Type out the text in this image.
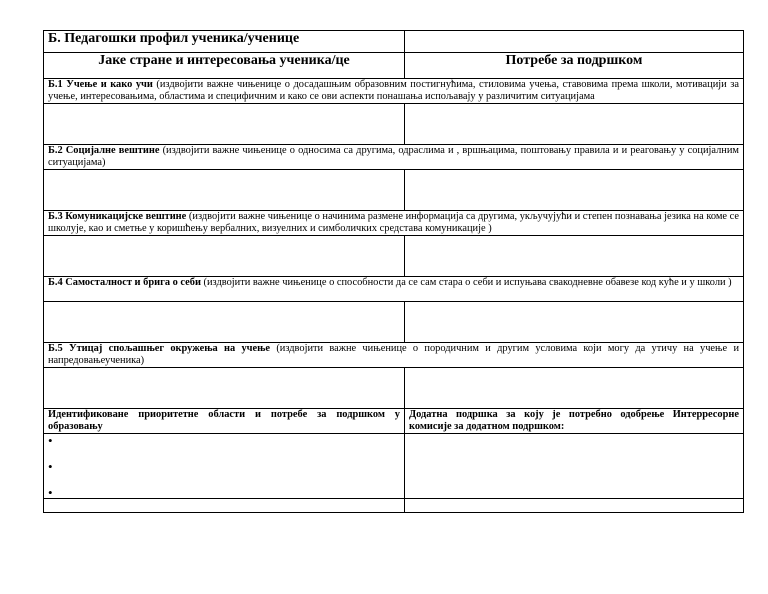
Б. Педагошки профил ученика/ученице	
Јаке стране и интересовања ученика/це	Потребе за подршком
Б.1 Учење и како учи (издвојити важне чињенице о досадашњим образовним постигнућима, стиловима учења, ставовима према школи, мотивацији за учење, интересовањима, областима и специфичним и како се ови аспекти понашања испољавају у различитим ситуацијама	

Б.2 Социјалне вештине (издвојити важне чињенице о односима са другима, одраслима и , вршњацима, поштовању правила и и реаговању у социјалним ситуацијама)	

Б.3 Комуникацијске вештине (издвојити важне чињенице о начинима размене информација са другима, укључујући и степен познавања језика на коме се школује, као и сметње у коришћењу вербалних, визуелних и симболичких средстава комуникације )	

Б.4 Самосталност и брига о себи (издвојити важне чињенице о способности да се сам стара о себи и испуњава свакодневне обавезе код куће и у школи )	

Б.5 Утицај спољашњег окружења на учење (издвојити важне чињенице о породичним и другим условима који могу да утичу на учење и напредовањеученика)	

Идентификоване приоритетне области и потребе за подршком у образовању	Додатна подршка за коју је потребно одобрење Интерресорне комисије за додатном подршком:

•
•
•
